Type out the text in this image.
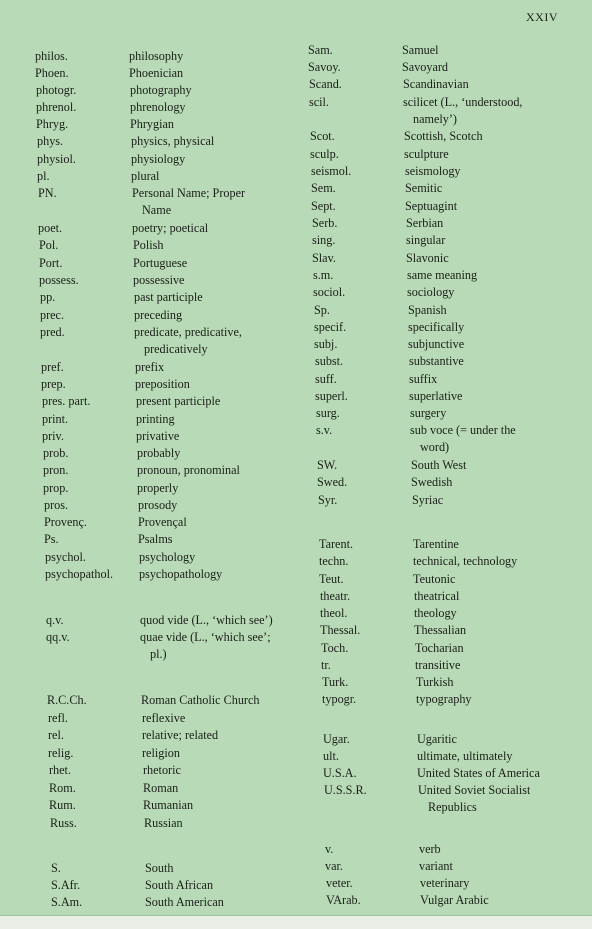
XXIV
philos.	philosophy
Phoen.	Phoenician
photogr.	photography
phrenol.	phrenology
Phryg.	Phrygian
phys.	physics, physical
physiol.	physiology
pl.	plural
PN.	Personal Name; Proper
Name
poet.	poetry; poetical
Pol.	Polish
Port.	Portuguese
possess.	possessive
pp.	past participle
prec.	preceding
pred.	predicate, predicative,
predicatively
pref.	prefix
prep.	preposition
pres. part.	present participle
print.	printing
priv.	privative
prob.	probably
pron.	pronoun, pronominal
prop.	properly
pros.	prosody
Provenç.	Provençal
Ps.	Psalms
psychol.	psychology
psychopathol. psychopathology
q.v.	quod vide (L., ‘which see’)
qq.v.	quae vide (L., ‘which see’;
pl.)
R.C.Ch.	Roman Catholic Church
refl.	reflexive
rel.	relative; related
relig.	religion
rhet.	rhetoric
Rom.	Roman
Rum.	Rumanian
Russ.	Russian
S.	South
S.Afr.	South African
S.Am.	South American
Sam.	Samuel
Savoy.	Savoyard
Scand.	Scandinavian
scil.	scilicet (L., ‘understood,
namely’)
Scot.	Scottish, Scotch
sculp.	sculpture
seismol.	seismology
Sem.	Semitic
Sept.	Septuagint
Serb.	Serbian
sing.	singular
Slav.	Slavonic
s.m.	same meaning
sociol.	sociology
Sp.	Spanish
specif.	specifically
subj.	subjunctive
subst.	substantive
suff.	suffix
superl.	superlative
surg.	surgery
s.v.	sub voce (= under the
word)
SW.	South West
Swed.	Swedish
Syr.	Syriac
Tarent.	Tarentine
techn.	technical, technology
Teut.	Teutonic
theatr.	theatrical
theol.	theology
Thessal.	Thessalian
Toch.	Tocharian
tr.	transitive
Turk.	Turkish
typogr.	typography
Ugar.	Ugaritic
ult.	ultimate, ultimately
U.S.A.	United States of America
U.S.S.R.	United Soviet Socialist
Republics
v.	verb
var.	variant
veter.	veterinary
VArab.	Vulgar Arabic
